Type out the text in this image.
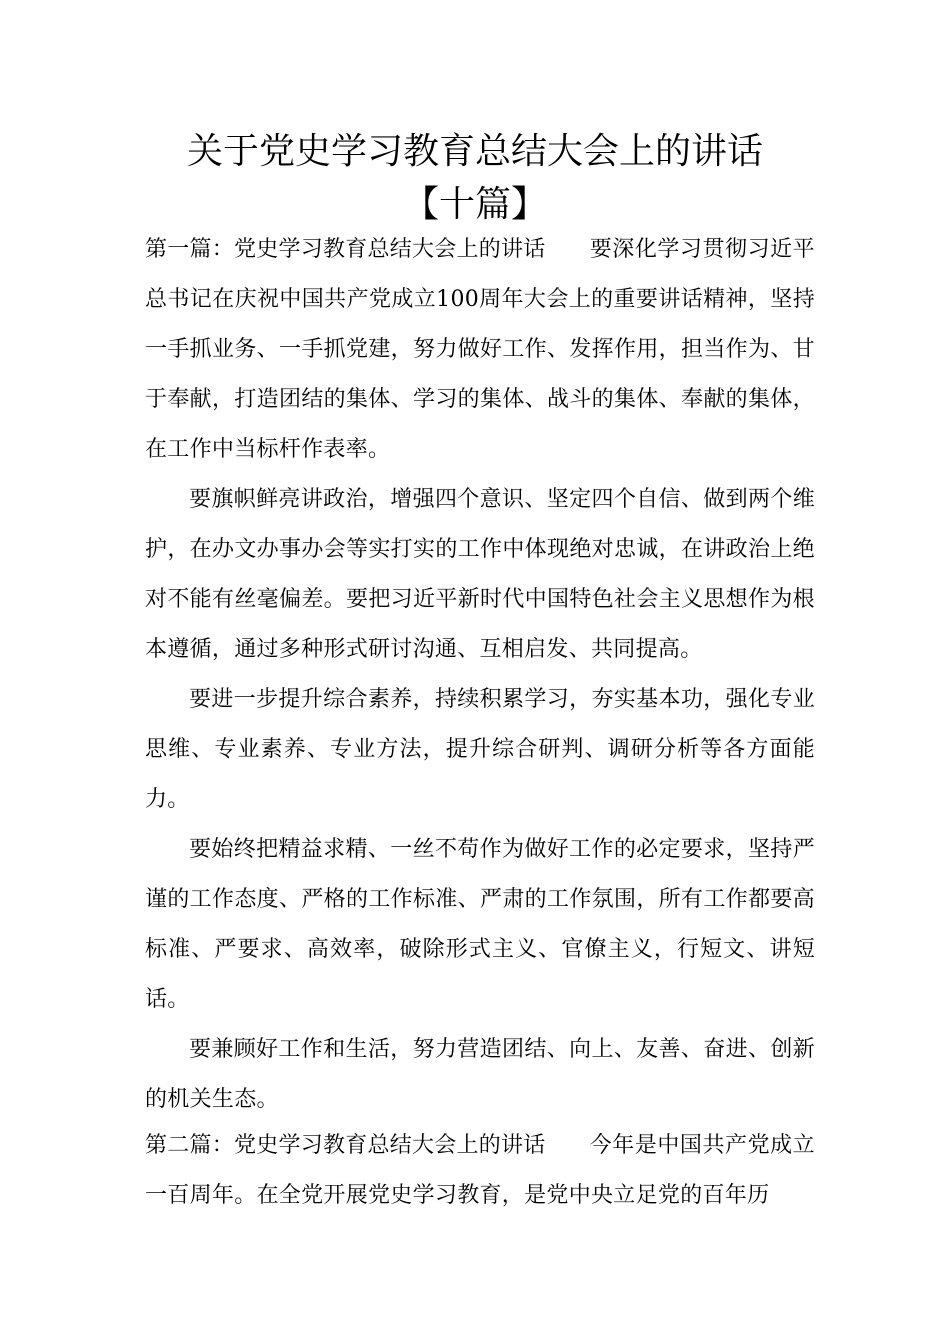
关于党史学习教育总结大会上的讲话
【十篇】
第一篇：党史学习教育总结大会上的讲话 要深化学习贯彻习近平总书记在庆祝中国共产党成立100周年大会上的重要讲话精神，坚持一手抓业务、一手抓党建，努力做好工作、发挥作用，担当作为、甘于奉献，打造团结的集体、学习的集体、战斗的集体、奉献的集体，在工作中当标杆作表率。
要旗帜鲜亮讲政治，增强四个意识、坚定四个自信、做到两个维护，在办文办事办会等实打实的工作中体现绝对忠诚，在讲政治上绝对不能有丝毫偏差。要把习近平新时代中国特色社会主义思想作为根本遵循，通过多种形式研讨沟通、互相启发、共同提高。
要进一步提升综合素养，持续积累学习，夯实基本功，强化专业思维、专业素养、专业方法，提升综合研判、调研分析等各方面能力。
要始终把精益求精、一丝不苟作为做好工作的必定要求，坚持严谨的工作态度、严格的工作标准、严肃的工作氛围，所有工作都要高标准、严要求、高效率，破除形式主义、官僚主义，行短文、讲短话。
要兼顾好工作和生活，努力营造团结、向上、友善、奋进、创新的机关生态。
第二篇：党史学习教育总结大会上的讲话 今年是中国共产党成立一百周年。在全党开展党史学习教育，是党中央立足党的百年历
